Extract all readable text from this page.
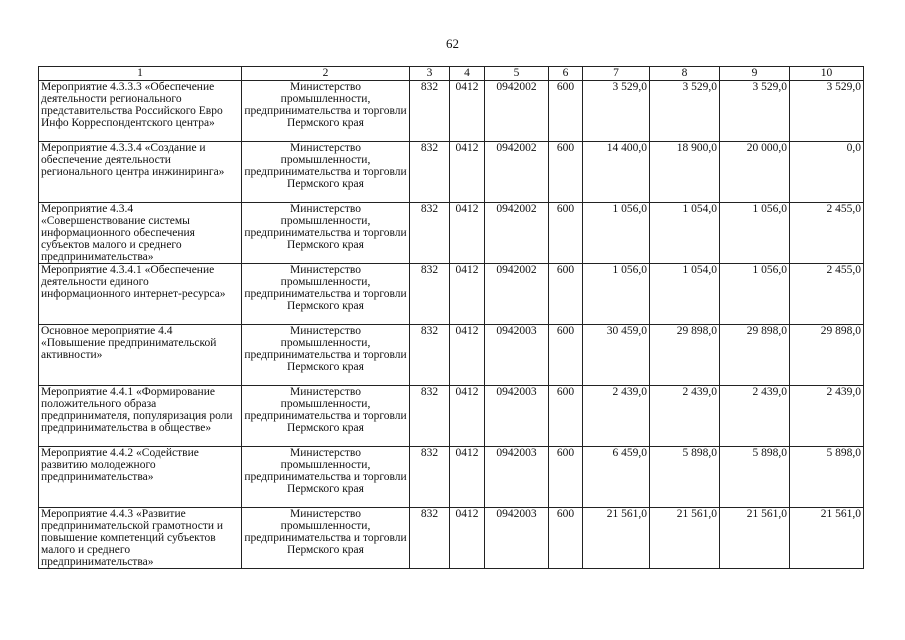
62
1	2	3	4	5	6	7	8	9	10
Мероприятие 4.3.3.3 «Обеспечение деятельности регионального представительства Российского Евро Инфо Корреспондентского центра»	Министерство промышленности, предпринимательства и торговли Пермского края	832	0412	0942002	600	3 529,0	3 529,0	3 529,0	3 529,0
Мероприятие 4.3.3.4 «Создание и обеспечение деятельности регионального центра инжиниринга»	Министерство промышленности, предпринимательства и торговли Пермского края	832	0412	0942002	600	14 400,0	18 900,0	20 000,0	0,0
Мероприятие 4.3.4 «Совершенствование системы информационного обеспечения субъектов малого и среднего предпринимательства»	Министерство промышленности, предпринимательства и торговли Пермского края	832	0412	0942002	600	1 056,0	1 054,0	1 056,0	2 455,0
Мероприятие 4.3.4.1 «Обеспечение деятельности единого информационного интернет-ресурса»	Министерство промышленности, предпринимательства и торговли Пермского края	832	0412	0942002	600	1 056,0	1 054,0	1 056,0	2 455,0
Основное мероприятие 4.4 «Повышение предпринимательской активности»	Министерство промышленности, предпринимательства и торговли Пермского края	832	0412	0942003	600	30 459,0	29 898,0	29 898,0	29 898,0
Мероприятие 4.4.1 «Формирование положительного образа предпринимателя, популяризация роли предпринимательства в обществе»	Министерство промышленности, предпринимательства и торговли Пермского края	832	0412	0942003	600	2 439,0	2 439,0	2 439,0	2 439,0
Мероприятие 4.4.2 «Содействие развитию молодежного предпринимательства»	Министерство промышленности, предпринимательства и торговли Пермского края	832	0412	0942003	600	6 459,0	5 898,0	5 898,0	5 898,0
Мероприятие 4.4.3 «Развитие предпринимательской грамотности и повышение компетенций субъектов малого и среднего предпринимательства»	Министерство промышленности, предпринимательства и торговли Пермского края	832	0412	0942003	600	21 561,0	21 561,0	21 561,0	21 561,0
